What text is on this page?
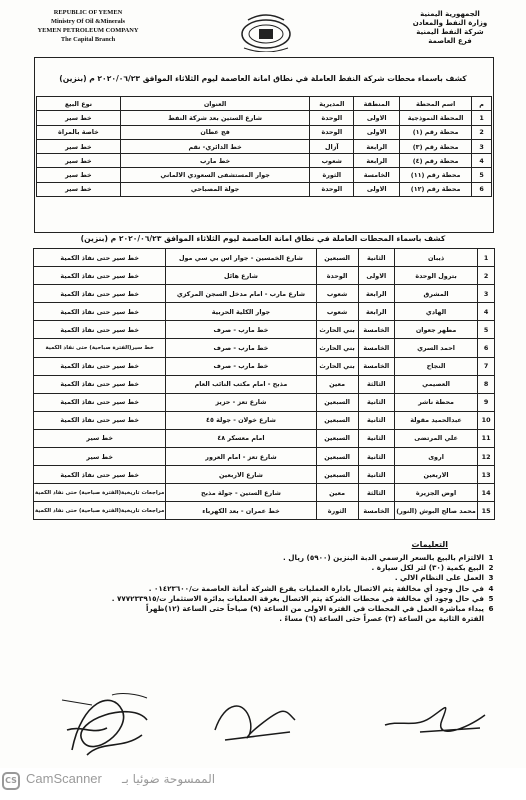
REPUBLIC OF YEMEN
Ministry Of Oil &Minerals
YEMEN PETROLEUM COMPANY
The Capital Branch
الجمهورية اليمنية
وزارة النفط والمعادن
شركة النفط اليمنية
فرع العاصمة
كشف باسماء محطات شركة النفط العاملة في نطاق امانة العاصمة ليوم الثلاثاء الموافق ٢٠٢٠/٠٦/٢٣ م (بنزين)
م	اسم المحطة	المنطقة	المديرية	العنوان	نوع البيع
1	المحطة النموذجية	الاولى	الوحدة	شارع الستين بعد شركة النفط	خط سير
2	محطة رقم (١)	الاولى	الوحدة	فج عطان	خاصة بالمراة
3	محطة رقم (٣)	الرابعة	آزال	خط الدائري- نقم	خط سير
4	محطة رقم (٤)	الرابعة	شعوب	خط مارب	خط سير
5	محطة رقم (١١)	الخامسة	الثورة	جوار المستشفى السعودي الالماني	خط سير
6	محطة رقم (١٢)	الاولى	الوحدة	جولة المصباحي	خط سير
كشف باسماء المحطات العاملة في نطاق امانة العاصمة ليوم الثلاثاء الموافق ٢٠٢٠/٠٦/٢٣ م (بنزين)
1	ذيبان	الثانية	السبعين	شارع الخمسين - جوار اس بي سي مول	خط سير حتى نفاذ الكمية
2	بترول الوحدة	الاولى	الوحدة	شارع هائل	خط سير حتى نفاذ الكمية
3	المشرق	الرابعة	شعوب	شارع مارب - امام مدخل السجن المركزي	خط سير حتى نفاذ الكمية
4	الهادي	الرابعة	شعوب	جوار الكلية الحربية	خط سير حتى نفاذ الكمية
5	مطهر جعوان	الخامسة	بني الحارث	خط مارب - صرف	خط سير حتى نفاذ الكمية
6	احمد السري	الخامسة	بني الحارث	خط مارب - صرف	خط سير(الفترة صباحية) حتى نفاذ الكمية
7	النجاح	الخامسة	بني الحارث	خط مارب - صرف	خط سير حتى نفاذ الكمية
8	العصيمي	الثالثة	معين	مذبح - امام مكتب النائب العام	خط سير حتى نفاذ الكمية
9	محطة ناشر	الثانية	السبعين	شارع تعز - حزيز	خط سير حتى نفاذ الكمية
10	عبدالحميد مقولة	الثانية	السبعين	شارع خولان - جولة ٤٥	خط سير حتى نفاذ الكمية
11	علي المرتضى	الثانية	السبعين	امام معسكر ٤٨	خط سير
12	اروى	الثانية	السبعين	شارع تعز - امام العرور	خط سير
13	الاربعين	الثانية	السبعين	شارع الاربعين	خط سير حتى نفاذ الكمية
14	اوض الجزيرة	الثالثة	معين	شارع الستين - جولة مذبح	مراجعات تاريخية(الفترة صباحية) حتى نفاذ الكمية
15	محمد صالح البوش (النور)	الخامسة	الثورة	خط عمران - بعد الكهرباء	مراجعات تاريخية(الفترة صباحية) حتى نفاذ الكمية
التعليمات
1
الالتزام بالبيع بالسعر الرسمي الدبة البنزين (٥٩٠٠) ريال .
2
البيع بكمية (٣٠) لتر لكل سيارة .
3
العمل على النظام الالي .
4
في حال وجود أي مخالفة يتم الاتصال بادارة العمليات بفرع الشركة أمانة العاصمة ت/٠١٤٢٣٦٠٠ .
5
في حال وجود أي مخالفة في محطات الشركة يتم الاتصال بغرفة العمليات بدائرة الاستثمار ت/٧٧٧٢٣٣٩١٥ .
6
يبداء مباشرة العمل في المحطات في الفترة الاولى من الساعة (٩) صباحاً حتى الساعة (١٢)ظهراً
الفترة الثانية من الساعة (٣) عصراً حتى الساعة (٦) مساءً .
CS CamScanner الممسوحة ضوئيا بـ
